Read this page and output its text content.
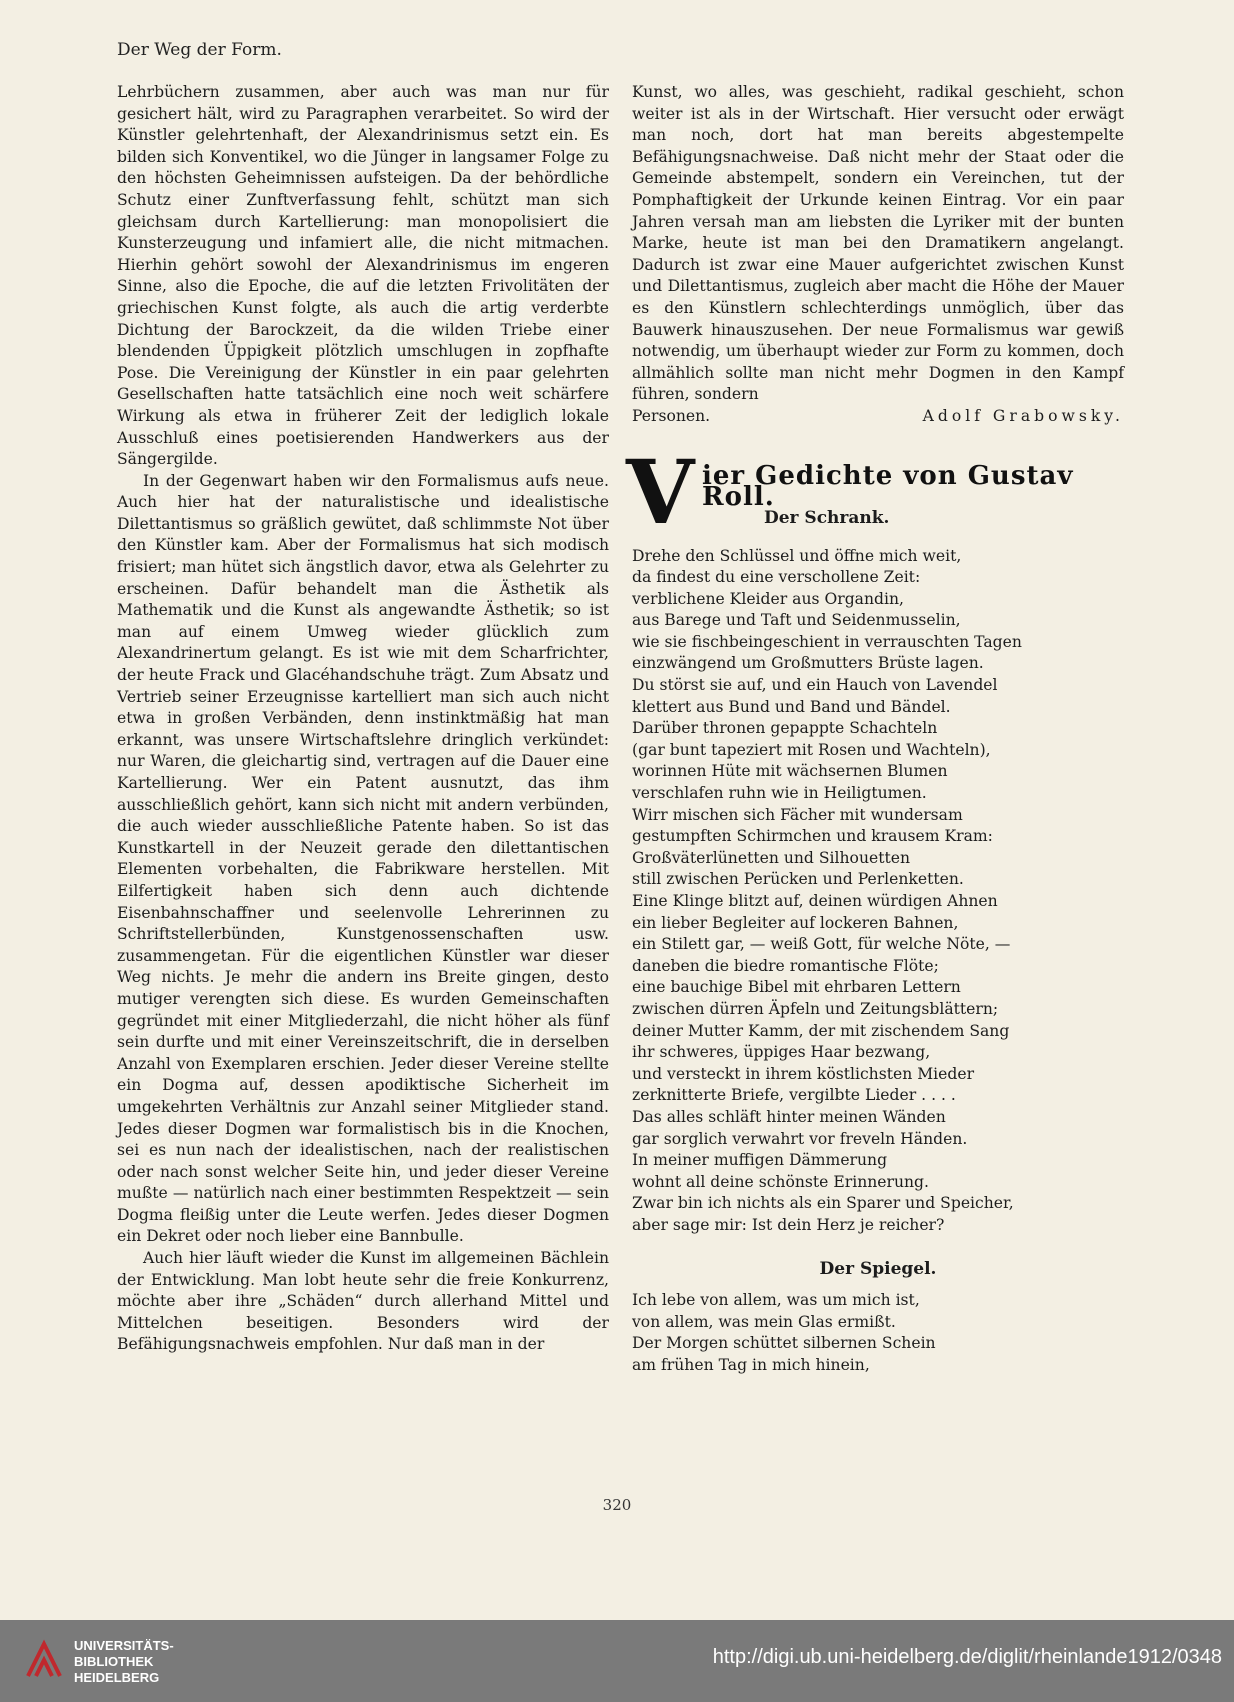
Der Weg der Form.

Lehrbüchern zusammen, aber auch was man nur für gesichert hält, wird zu Paragraphen verarbeitet. So wird der Künstler gelehrtenhaft, der Alexandrinismus setzt ein. Es bilden sich Konventikel, wo die Jünger in langsamer Folge zu den höchsten Geheimnissen aufsteigen. Da der behördliche Schutz einer Zunftverfassung fehlt, schützt man sich gleichsam durch Kartellierung: man monopolisiert die Kunsterzeugung und infamiert alle, die nicht mitmachen. Hierhin gehört sowohl der Alexandrinismus im engeren Sinne, also die Epoche, die auf die letzten Frivolitäten der griechischen Kunst folgte, als auch die artig verderbte Dichtung der Barockzeit, da die wilden Triebe einer blendenden Üppigkeit plötzlich umschlugen in zopfhafte Pose. Die Vereinigung der Künstler in ein paar gelehrten Gesellschaften hatte tatsächlich eine noch weit schärfere Wirkung als etwa in früherer Zeit der lediglich lokale Ausschluß eines poetisierenden Handwerkers aus der Sängergilde.

In der Gegenwart haben wir den Formalismus aufs neue. Auch hier hat der naturalistische und idealistische Dilettantismus so gräßlich gewütet, daß schlimmste Not über den Künstler kam. Aber der Formalismus hat sich modisch frisiert; man hütet sich ängstlich davor, etwa als Gelehrter zu erscheinen. Dafür behandelt man die Ästhetik als Mathematik und die Kunst als angewandte Ästhetik; so ist man auf einem Umweg wieder glücklich zum Alexandrinertum gelangt. Es ist wie mit dem Scharfrichter, der heute Frack und Glacéhandschuhe trägt. Zum Absatz und Vertrieb seiner Erzeugnisse kartelliert man sich auch nicht etwa in großen Verbänden, denn instinktmäßig hat man erkannt, was unsere Wirtschaftslehre dringlich verkündet: nur Waren, die gleichartig sind, vertragen auf die Dauer eine Kartellierung. Wer ein Patent ausnutzt, das ihm ausschließlich gehört, kann sich nicht mit andern verbünden, die auch wieder ausschließliche Patente haben. So ist das Kunstkartell in der Neuzeit gerade den dilettantischen Elementen vorbehalten, die Fabrikware herstellen. Mit Eilfertigkeit haben sich denn auch dichtende Eisenbahnschaffner und seelenvolle Lehrerinnen zu Schriftstellerbünden, Kunstgenossenschaften usw. zusammengetan. Für die eigentlichen Künstler war dieser Weg nichts. Je mehr die andern ins Breite gingen, desto mutiger verengten sich diese. Es wurden Gemeinschaften gegründet mit einer Mitgliederzahl, die nicht höher als fünf sein durfte und mit einer Vereinszeitschrift, die in derselben Anzahl von Exemplaren erschien. Jeder dieser Vereine stellte ein Dogma auf, dessen apodiktische Sicherheit im umgekehrten Verhältnis zur Anzahl seiner Mitglieder stand. Jedes dieser Dogmen war formalistisch bis in die Knochen, sei es nun nach der idealistischen, nach der realistischen oder nach sonst welcher Seite hin, und jeder dieser Vereine mußte — natürlich nach einer bestimmten Respektzeit — sein Dogma fleißig unter die Leute werfen. Jedes dieser Dogmen ein Dekret oder noch lieber eine Bannbulle.

Auch hier läuft wieder die Kunst im allgemeinen Bächlein der Entwicklung. Man lobt heute sehr die freie Konkurrenz, möchte aber ihre „Schäden“ durch allerhand Mittel und Mittelchen beseitigen. Besonders wird der Befähigungsnachweis empfohlen. Nur daß man in der

Kunst, wo alles, was geschieht, radikal geschieht, schon weiter ist als in der Wirtschaft. Hier versucht oder erwägt man noch, dort hat man bereits abgestempelte Befähigungsnachweise. Daß nicht mehr der Staat oder die Gemeinde abstempelt, sondern ein Vereinchen, tut der Pomphaftigkeit der Urkunde keinen Eintrag. Vor ein paar Jahren versah man am liebsten die Lyriker mit der bunten Marke, heute ist man bei den Dramatikern angelangt. Dadurch ist zwar eine Mauer aufgerichtet zwischen Kunst und Dilettantismus, zugleich aber macht die Höhe der Mauer es den Künstlern schlechterdings unmöglich, über das Bauwerk hinauszusehen. Der neue Formalismus war gewiß notwendig, um überhaupt wieder zur Form zu kommen, doch allmählich sollte man nicht mehr Dogmen in den Kampf führen, sondern

Personen.	Adolf Grabowsky.
V ier Gedichte von Gustav Roll.
Der Schrank.
Drehe den Schlüssel und öffne mich weit,
da findest du eine verschollene Zeit:
verblichene Kleider aus Organdin,
aus Barege und Taft und Seidenmusselin,
wie sie fischbeingeschient in verrauschten Tagen
einzwängend um Großmutters Brüste lagen.
Du störst sie auf, und ein Hauch von Lavendel
klettert aus Bund und Band und Bändel.
Darüber thronen gepappte Schachteln
(gar bunt tapeziert mit Rosen und Wachteln),
worinnen Hüte mit wächsernen Blumen
verschlafen ruhn wie in Heiligtumen.
Wirr mischen sich Fächer mit wundersam
gestumpften Schirmchen und krausem Kram:
Großväterlünetten und Silhouetten
still zwischen Perücken und Perlenketten.
Eine Klinge blitzt auf, deinen würdigen Ahnen
ein lieber Begleiter auf lockeren Bahnen,
ein Stilett gar, — weiß Gott, für welche Nöte, —
daneben die biedre romantische Flöte;
eine bauchige Bibel mit ehrbaren Lettern
zwischen dürren Äpfeln und Zeitungsblättern;
deiner Mutter Kamm, der mit zischendem Sang
ihr schweres, üppiges Haar bezwang,
und versteckt in ihrem köstlichsten Mieder
zerknitterte Briefe, vergilbte Lieder . . . .
Das alles schläft hinter meinen Wänden
gar sorglich verwahrt vor freveln Händen.
In meiner muffigen Dämmerung
wohnt all deine schönste Erinnerung.
Zwar bin ich nichts als ein Sparer und Speicher,
aber sage mir: Ist dein Herz je reicher?
Der Spiegel.
Ich lebe von allem, was um mich ist,
von allem, was mein Glas ermißt.
Der Morgen schüttet silbernen Schein
am frühen Tag in mich hinein,
320
UNIVERSITÄTS-
BIBLIOTHEK
HEIDELBERG
http://digi.ub.uni-heidelberg.de/diglit/rheinlande1912/0348
